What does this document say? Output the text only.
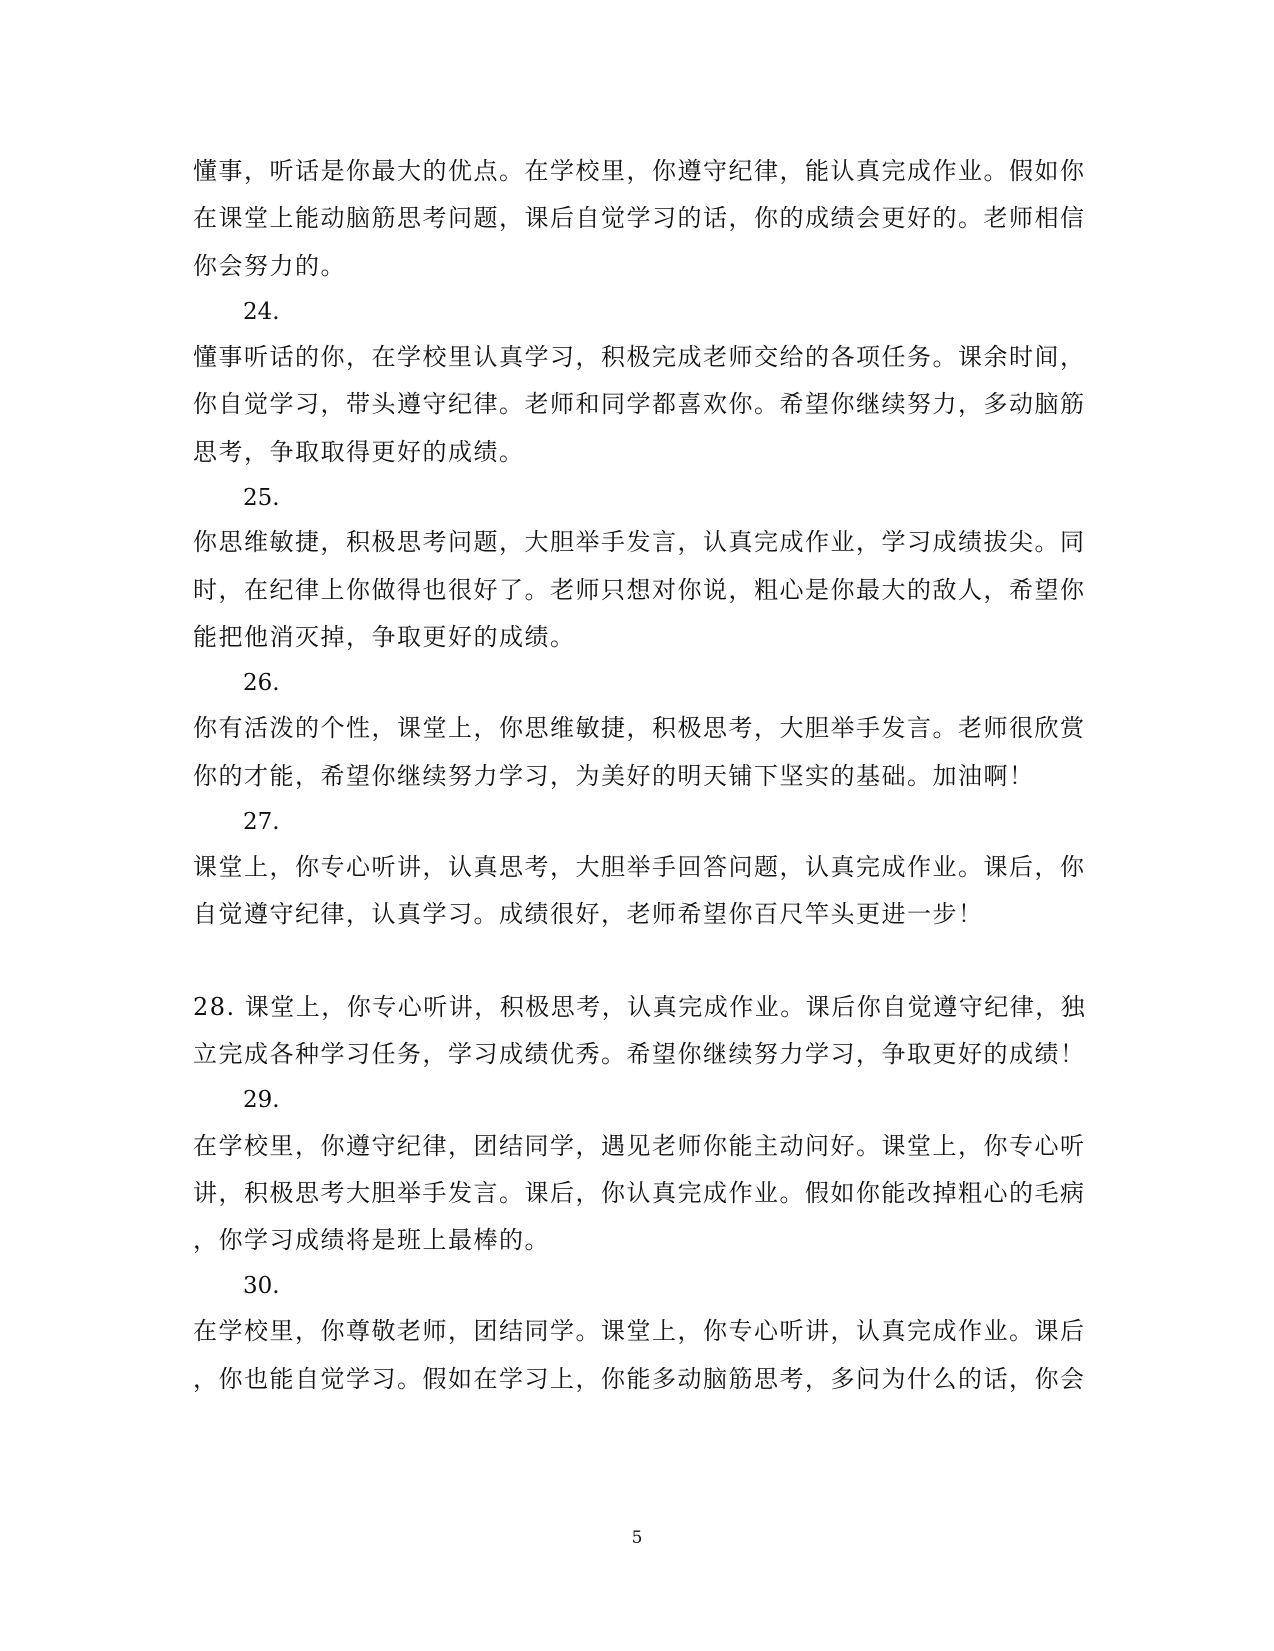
懂事，听话是你最大的优点。在学校里，你遵守纪律，能认真完成作业。假如你
在课堂上能动脑筋思考问题，课后自觉学习的话，你的成绩会更好的。老师相信
你会努力的。
24.
懂事听话的你，在学校里认真学习，积极完成老师交给的各项任务。课余时间，
你自觉学习，带头遵守纪律。老师和同学都喜欢你。希望你继续努力，多动脑筋
思考，争取取得更好的成绩。
25.
你思维敏捷，积极思考问题，大胆举手发言，认真完成作业，学习成绩拔尖。同
时，在纪律上你做得也很好了。老师只想对你说，粗心是你最大的敌人，希望你
能把他消灭掉，争取更好的成绩。
26.
你有活泼的个性，课堂上，你思维敏捷，积极思考，大胆举手发言。老师很欣赏
你的才能，希望你继续努力学习，为美好的明天铺下坚实的基础。加油啊！
27.
课堂上，你专心听讲，认真思考，大胆举手回答问题，认真完成作业。课后，你
自觉遵守纪律，认真学习。成绩很好，老师希望你百尺竿头更进一步！
28. 课堂上，你专心听讲，积极思考，认真完成作业。课后你自觉遵守纪律，独
立完成各种学习任务，学习成绩优秀。希望你继续努力学习，争取更好的成绩！
29.
在学校里，你遵守纪律，团结同学，遇见老师你能主动问好。课堂上，你专心听
讲，积极思考大胆举手发言。课后，你认真完成作业。假如你能改掉粗心的毛病
，你学习成绩将是班上最棒的。
30.
在学校里，你尊敬老师，团结同学。课堂上，你专心听讲，认真完成作业。课后
，你也能自觉学习。假如在学习上，你能多动脑筋思考，多问为什么的话，你会
5
